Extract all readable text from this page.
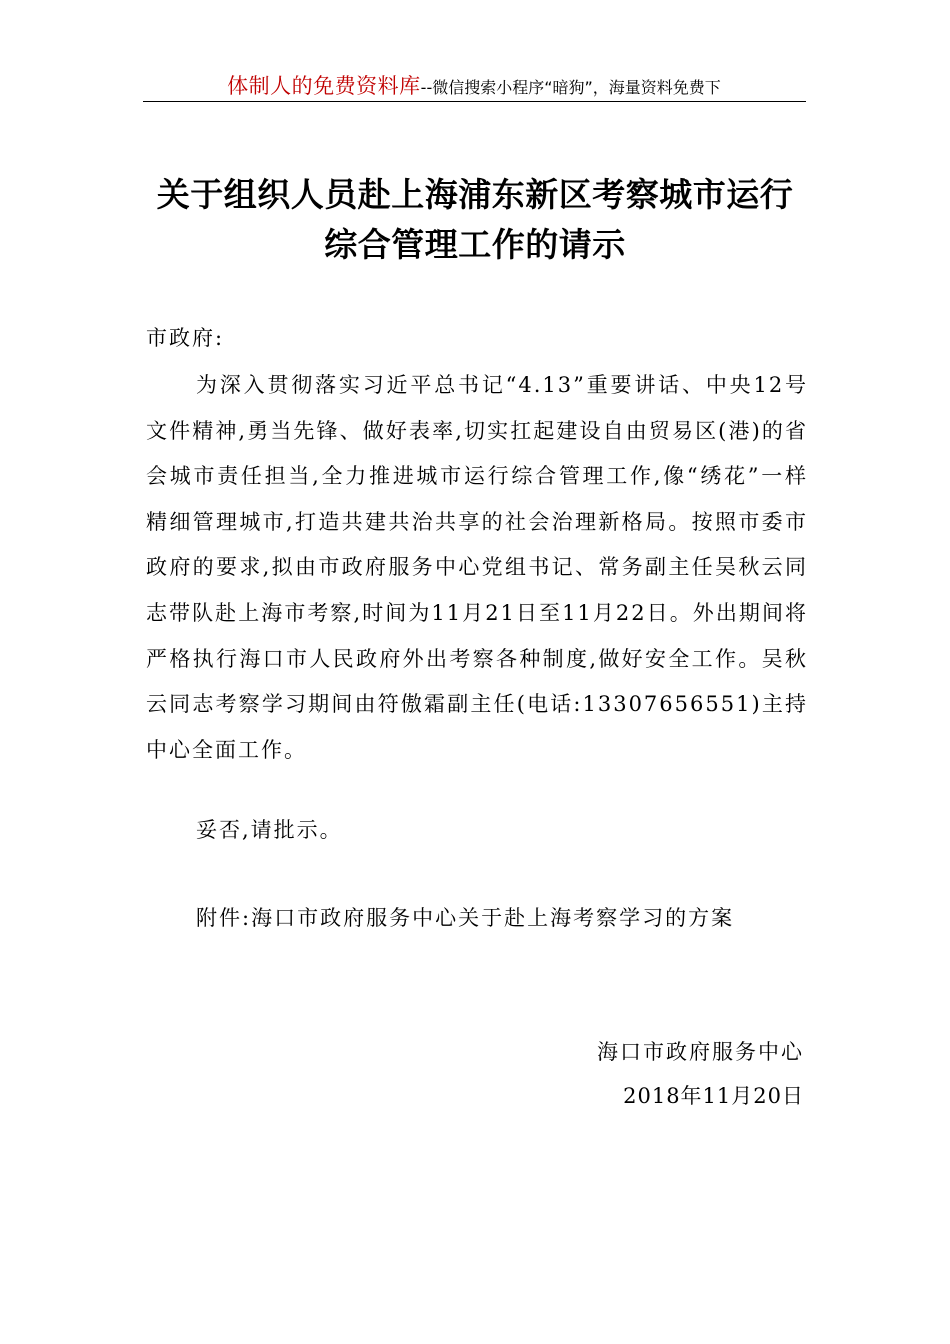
体制人的免费资料库--微信搜索小程序“暗狗”，海量资料免费下
关于组织人员赴上海浦东新区考察城市运行综合管理工作的请示
市政府:

为深入贯彻落实习近平总书记“4.13”重要讲话、中央12号文件精神,勇当先锋、做好表率,切实扛起建设自由贸易区(港)的省会城市责任担当,全力推进城市运行综合管理工作,像“绣花”一样精细管理城市,打造共建共治共享的社会治理新格局。按照市委市政府的要求,拟由市政府服务中心党组书记、常务副主任吴秋云同志带队赴上海市考察,时间为11月21日至11月22日。外出期间将严格执行海口市人民政府外出考察各种制度,做好安全工作。吴秋云同志考察学习期间由符傲霜副主任(电话:13307656551)主持中心全面工作。

妥否,请批示。
附件:海口市政府服务中心关于赴上海考察学习的方案
海口市政府服务中心
2018年11月20日
